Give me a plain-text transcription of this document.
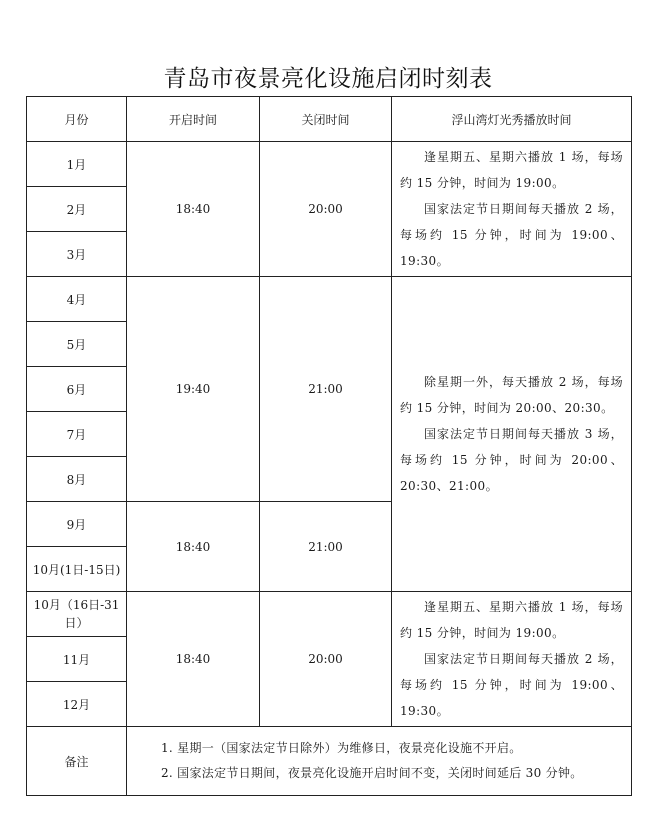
青岛市夜景亮化设施启闭时刻表
月份	开启时间	关闭时间	浮山湾灯光秀播放时间
1月	18:40	20:00	逢星期五、星期六播放 1 场，每场约 15 分钟，时间为 19:00。

国家法定节日期间每天播放 2 场，每场约 15 分钟，时间为 19:00、19:30。

2月			
3月			
4月	19:40	21:00	除星期一外，每天播放 2 场，每场约 15 分钟，时间为 20:00、20:30。

国家法定节日期间每天播放 3 场，每场约 15 分钟，时间为 20:00、20:30、21:00。

5月			
6月			
7月			
8月			
9月	18:40	21:00	
10月(1日-15日)			
10月（16日-31日）	18:40	20:00	逢星期五、星期六播放 1 场，每场约 15 分钟，时间为 19:00。

国家法定节日期间每天播放 2 场，每场约 15 分钟，时间为 19:00、19:30。

11月			
12月			
备注	1. 星期一（国家法定节日除外）为维修日，夜景亮化设施不开启。
2. 国家法定节日期间，夜景亮化设施开启时间不变，关闭时间延后 30 分钟。		
